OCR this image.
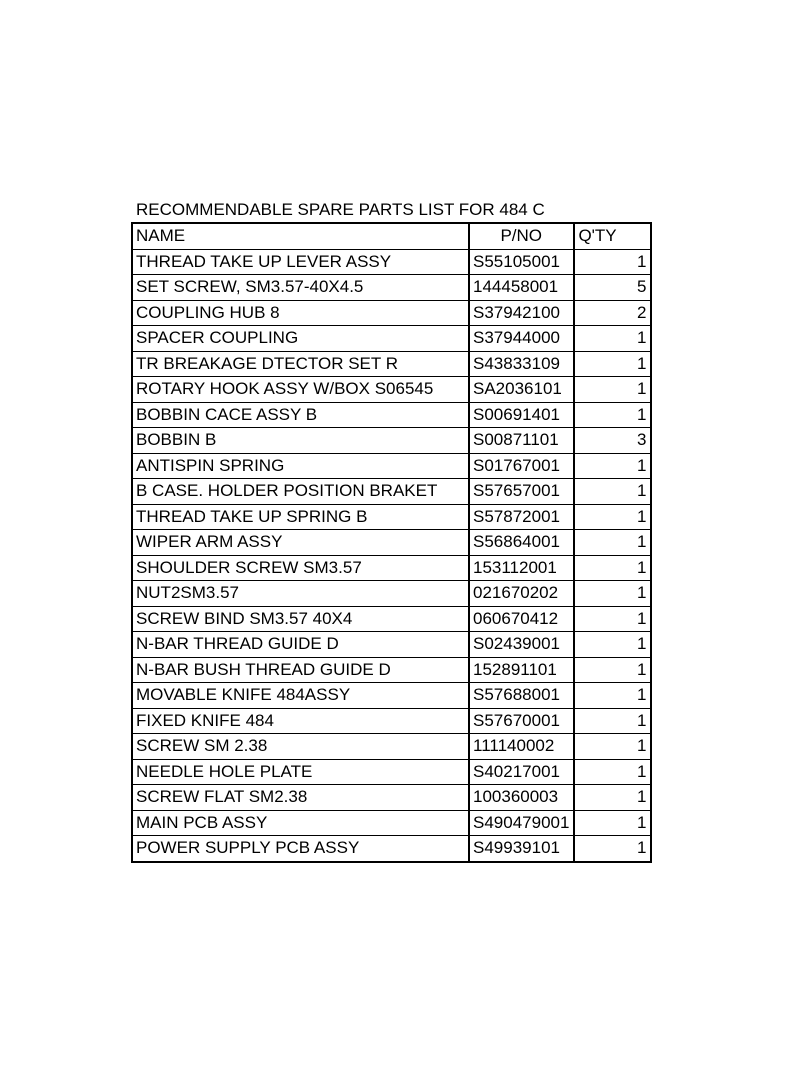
RECOMMENDABLE SPARE PARTS LIST FOR 484 C
NAME	P/NO	Q'TY
THREAD TAKE UP LEVER ASSY	S55105001	1
SET SCREW, SM3.57-40X4.5	144458001	5
COUPLING HUB 8	S37942100	2
SPACER COUPLING	S37944000	1
TR BREAKAGE DTECTOR SET R	S43833109	1
ROTARY HOOK ASSY W/BOX S06545	SA2036101	1
BOBBIN CACE ASSY B	S00691401	1
BOBBIN B	S00871101	3
ANTISPIN SPRING	S01767001	1
B CASE. HOLDER POSITION BRAKET	S57657001	1
THREAD TAKE UP SPRING B	S57872001	1
WIPER ARM ASSY	S56864001	1
SHOULDER SCREW SM3.57	153112001	1
NUT2SM3.57	021670202	1
SCREW BIND SM3.57 40X4	060670412	1
N-BAR THREAD GUIDE D	S02439001	1
N-BAR BUSH THREAD GUIDE D	152891101	1
MOVABLE KNIFE 484ASSY	S57688001	1
FIXED KNIFE 484	S57670001	1
SCREW SM 2.38	111140002	1
NEEDLE HOLE PLATE	S40217001	1
SCREW FLAT SM2.38	100360003	1
MAIN PCB ASSY	S490479001	1
POWER SUPPLY PCB ASSY	S49939101	1
